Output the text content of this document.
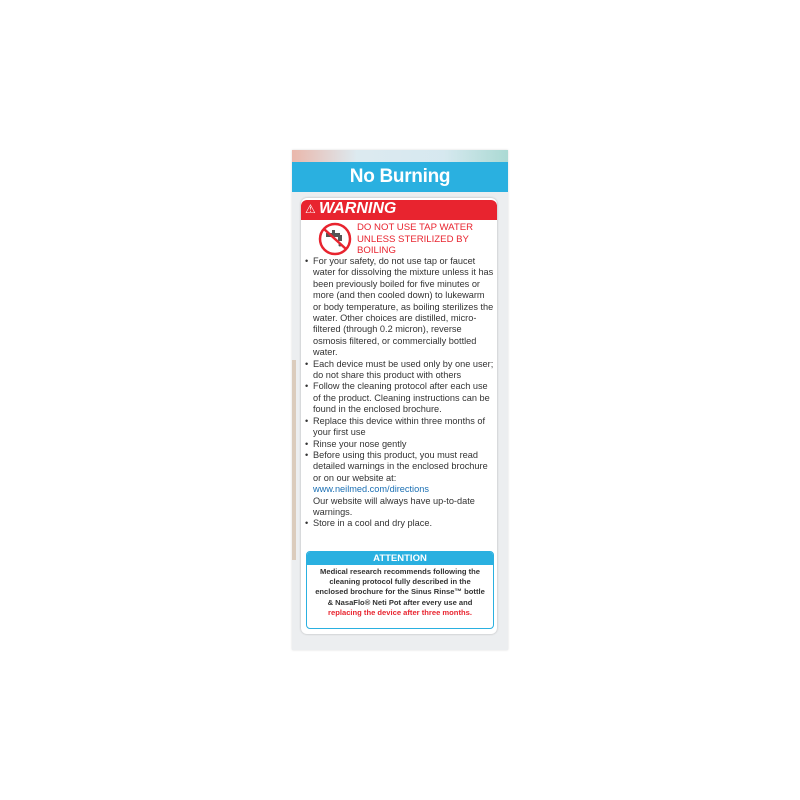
No Burning
⚠ WARNING
DO NOT USE TAP WATER UNLESS STERILIZED BY BOILING
• For your safety, do not use tap or faucet water for dissolving the mixture unless it has been previously boiled for five minutes or more (and then cooled down) to lukewarm or body temperature, as boiling sterilizes the water. Other choices are distilled, micro-filtered (through 0.2 micron), reverse osmosis filtered, or commercially bottled water.
• Each device must be used only by one user; do not share this product with others
• Follow the cleaning protocol after each use of the product. Cleaning instructions can be found in the enclosed brochure.
• Replace this device within three months of your first use
• Rinse your nose gently
• Before using this product, you must read detailed warnings in the enclosed brochure or on our website at:
www.neilmed.com/directions
Our website will always have up-to-date warnings.
• Store in a cool and dry place.
ATTENTION
Medical research recommends following the cleaning protocol fully described in the enclosed brochure for the Sinus Rinse™ bottle & NasaFlo® Neti Pot after every use and replacing the device after three months.
